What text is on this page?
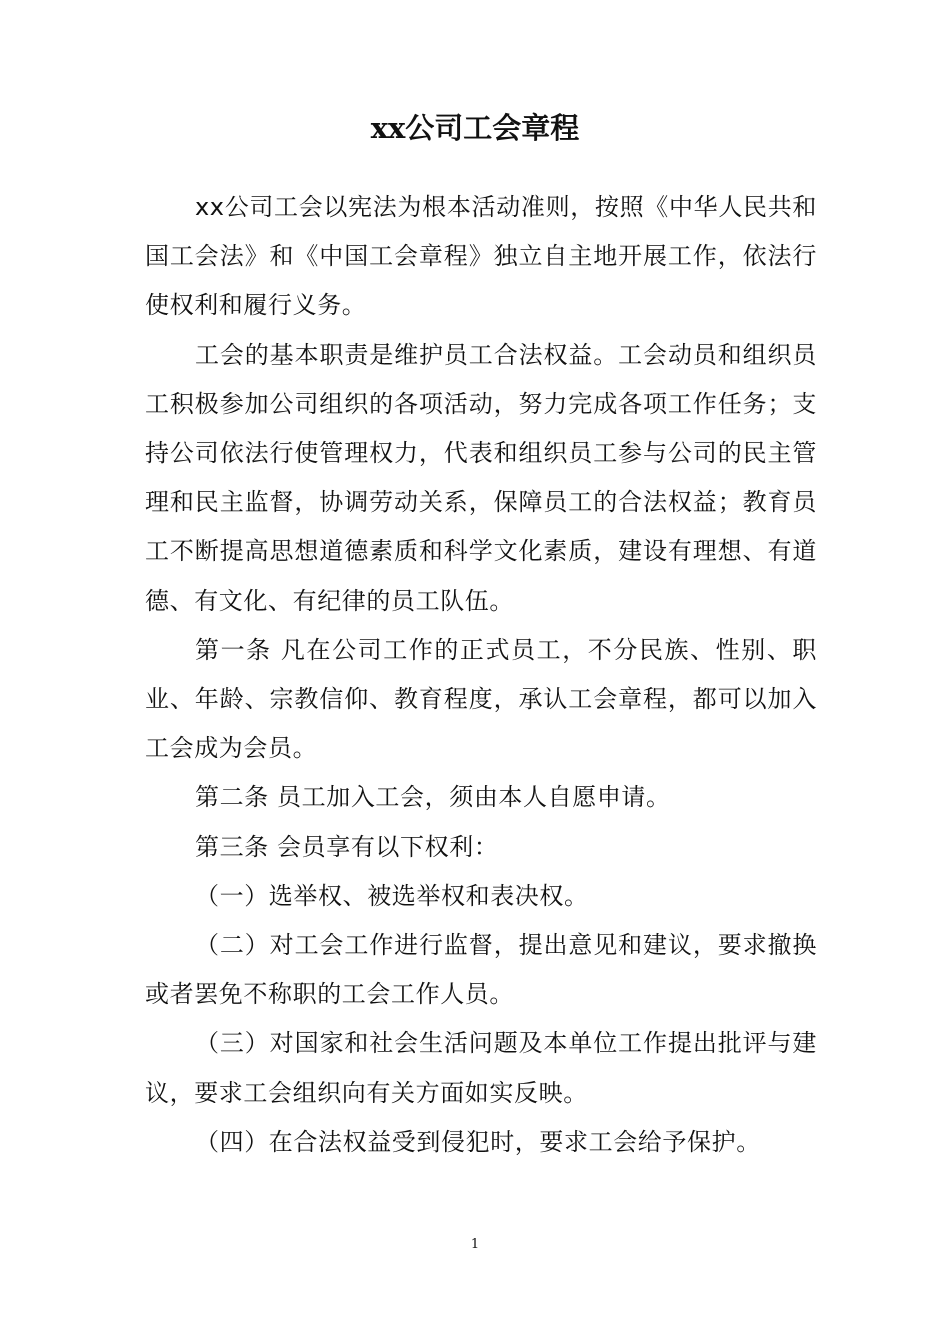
xx公司工会章程

xx公司工会以宪法为根本活动准则，按照《中华人民共和国工会法》和《中国工会章程》独立自主地开展工作，依法行使权利和履行义务。

工会的基本职责是维护员工合法权益。工会动员和组织员工积极参加公司组织的各项活动，努力完成各项工作任务；支持公司依法行使管理权力，代表和组织员工参与公司的民主管理和民主监督，协调劳动关系，保障员工的合法权益；教育员工不断提高思想道德素质和科学文化素质，建设有理想、有道德、有文化、有纪律的员工队伍。

第一条 凡在公司工作的正式员工，不分民族、性别、职业、年龄、宗教信仰、教育程度，承认工会章程，都可以加入工会成为会员。

第二条 员工加入工会，须由本人自愿申请。

第三条 会员享有以下权利：

（一）选举权、被选举权和表决权。

（二）对工会工作进行监督，提出意见和建议，要求撤换或者罢免不称职的工会工作人员。

（三）对国家和社会生活问题及本单位工作提出批评与建议，要求工会组织向有关方面如实反映。

（四）在合法权益受到侵犯时，要求工会给予保护。

1
